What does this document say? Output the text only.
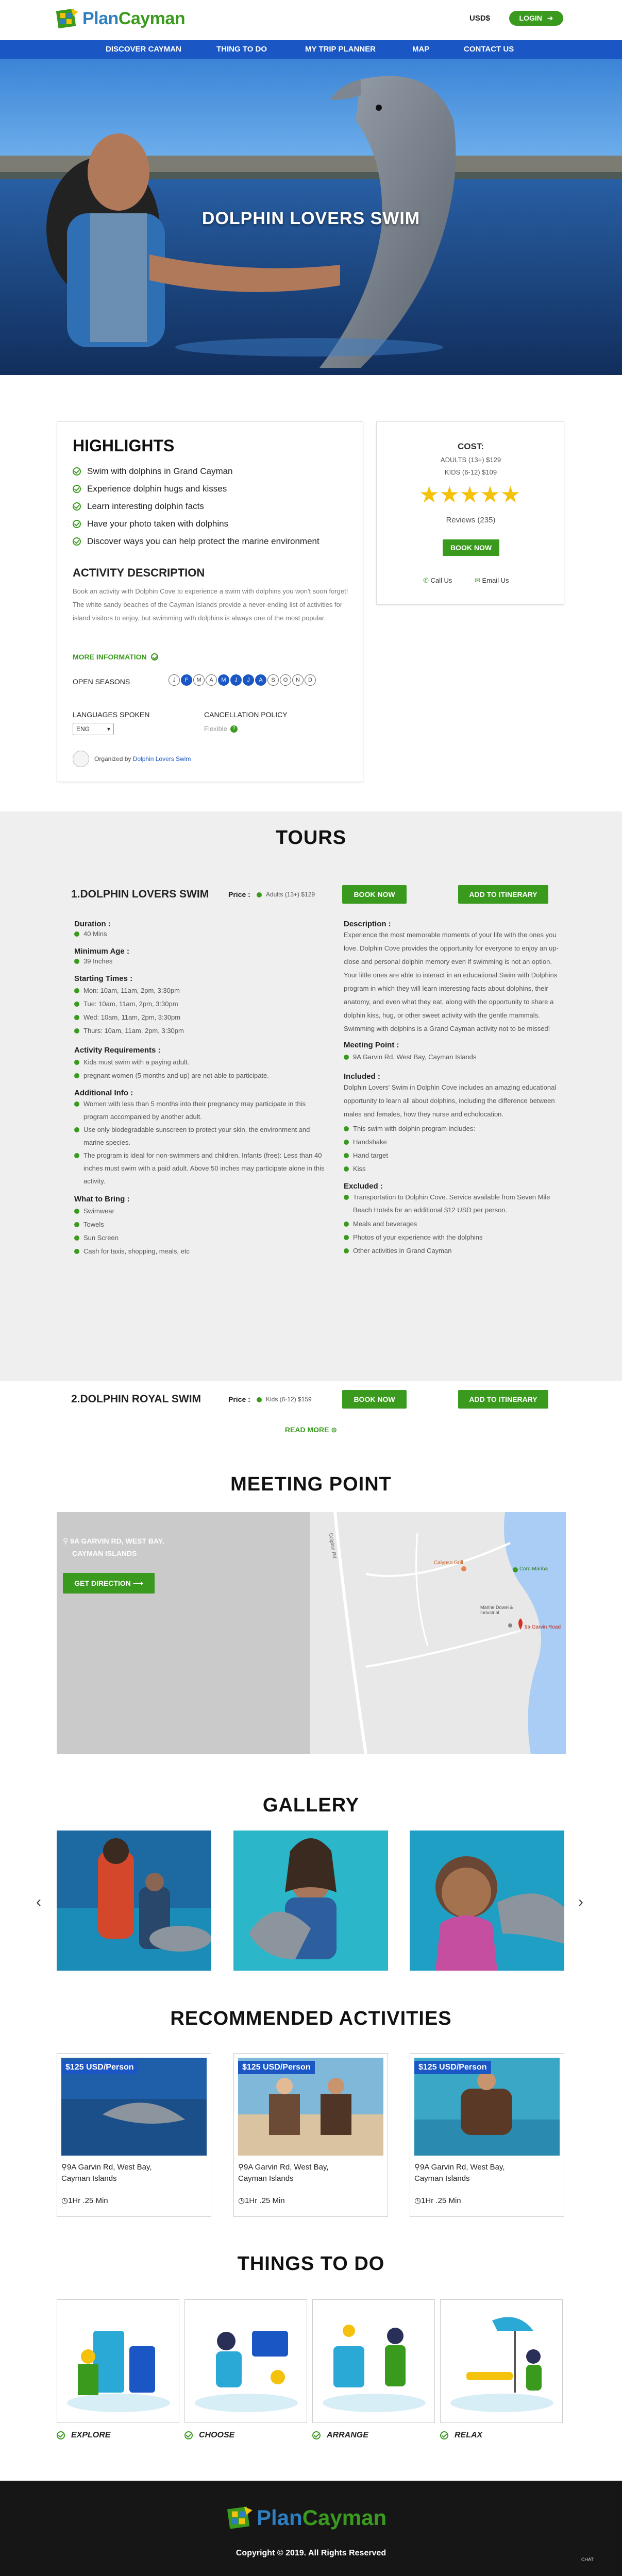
PlanCayman	USD$	LOGIN ➜
DISCOVER CAYMAN	THING TO DO	MY TRIP PLANNER	MAP	CONTACT US
DOLPHIN LOVERS SWIM
HIGHLIGHTS
Swim with dolphins in Grand Cayman
Experience dolphin hugs and kisses
Learn interesting dolphin facts
Have your photo taken with dolphins
Discover ways you can help protect the marine environment
ACTIVITY DESCRIPTION
Book an activity with Dolphin Cove to experience a swim with dolphins you won't soon forget! The white sandy beaches of the Cayman Islands provide a never-ending list of activities for island visitors to enjoy, but swimming with dolphins is always one of the most popular.
MORE INFORMATION
OPEN SEASONS	J F M A M J J A S O N D
LANGUAGES SPOKEN
ENG	▾
CANCELLATION POLICY
Flexible	?
Organized by
Dolphin Lovers Swim
COST:
ADULTS (13+) $129
KIDS (6-12) $109
★★★★★
Reviews (235)
BOOK NOW
✆ Call Us	✉ Email Us
TOURS
1.DOLPHIN LOVERS SWIM	Price :	Adults (13+) $129	BOOK NOW	ADD TO ITINERARY
Duration :
40 Mins
Minimum Age :
39 Inches
Starting Times :
Mon: 10am, 11am, 2pm, 3:30pm
Tue: 10am, 11am, 2pm, 3:30pm
Wed: 10am, 11am, 2pm, 3:30pm
Thurs: 10am, 11am, 2pm, 3:30pm
Activity Requirements :
Kids must swim with a paying adult.
pregnant women (5 months and up) are not able to participate.
Additional Info :
Women with less than 5 months into their pregnancy may participate in this program accompanied by another adult.
Use only biodegradable sunscreen to protect your skin, the environment and marine species.
The program is ideal for non-swimmers and children. Infants (free): Less than 40 inches must swim with a paid adult. Above 50 inches may participate alone in this activity.
What to Bring :
Swimwear
Towels
Sun Screen
Cash for taxis, shopping, meals, etc
Description :
Experience the most memorable moments of your life with the ones you love. Dolphin Cove provides the opportunity for everyone to enjoy an up-close and personal dolphin memory even if swimming is not an option. Your little ones are able to interact in an educational Swim with Dolphins program in which they will learn interesting facts about dolphins, their anatomy, and even what they eat, along with the opportunity to share a dolphin kiss, hug, or other sweet activity with the gentle mammals. Swimming with dolphins is a Grand Cayman activity not to be missed!
Meeting Point :
9A Garvin Rd, West Bay, Cayman Islands
Included :
Dolphin Lovers' Swim in Dolphin Cove includes an amazing educational opportunity to learn all about dolphins, including the difference between males and females, how they nurse and echolocation.
This swim with dolphin program includes:
Handshake
Hand target
Kiss
Excluded :
Transportation to Dolphin Cove. Service available from Seven Mile Beach Hotels for an additional $12 USD per person.
Meals and beverages
Photos of your experience with the dolphins
Other activities in Grand Cayman
2.DOLPHIN ROYAL SWIM	Price :	Kids (6-12) $159	BOOK NOW	ADD TO ITINERARY
READ MORE ⊕
MEETING POINT
⚲ 9A GARVIN RD, WEST BAY,
CAYMAN ISLANDS
GET DIRECTION ⟶
Calypso Grill
Cord Marina
Marine Dowel & Industrial
9a Garvin Road
Dolphin Rd
GALLERY
‹	›
RECOMMENDED ACTIVITIES
$125 USD/Person
⚲9A Garvin Rd, West Bay,
Cayman Islands
◷1Hr .25 Min
$125 USD/Person
⚲9A Garvin Rd, West Bay,
Cayman Islands
◷1Hr .25 Min
$125 USD/Person
⚲9A Garvin Rd, West Bay,
Cayman Islands
◷1Hr .25 Min
THINGS TO DO
EXPLORE	CHOOSE	ARRANGE	RELAX
PlanCayman
Copyright © 2019. All Rights Reserved
CHAT
